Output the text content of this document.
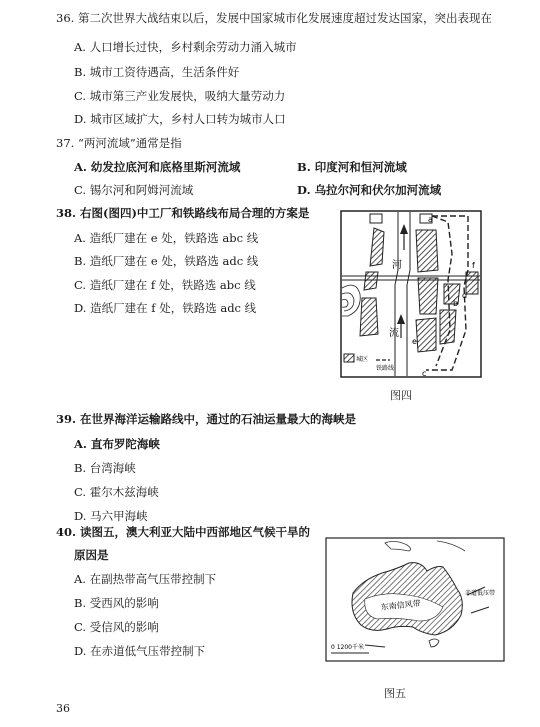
36. 第二次世界大战结束以后，发展中国家城市化发展速度超过发达国家，突出表现在
A. 人口增长过快，乡村剩余劳动力涌入城市
B. 城市工资待遇高，生活条件好
C. 城市第三产业发展快，吸纳大量劳动力
D. 城市区域扩大，乡村人口转为城市人口
37. “两河流域”通常是指
A. 幼发拉底河和底格里斯河流域	B. 印度河和恒河流域
C. 锡尔河和阿姆河流域	D. 乌拉尔河和伏尔加河流域
38. 右图(图四)中工厂和铁路线布局合理的方案是
A. 造纸厂建在 e 处，铁路选 abc 线
B. 造纸厂建在 e 处，铁路选 adc 线
C. 造纸厂建在 f 处，铁路选 abc 线
D. 造纸厂建在 f 处，铁路选 adc 线
河
流
a
b
c
d
e
f
城区
铁路线
图四
39. 在世界海洋运输路线中，通过的石油运量最大的海峡是
A. 直布罗陀海峡
B. 台湾海峡
C. 霍尔木兹海峡
D. 马六甲海峡
40. 读图五，澳大利亚大陆中西部地区气候干旱的
原因是
A. 在副热带高气压带控制下
B. 受西风的影响
C. 受信风的影响
D. 在赤道低气压带控制下
东南信风带
赤道低压带
0 1200千米
图五
36
